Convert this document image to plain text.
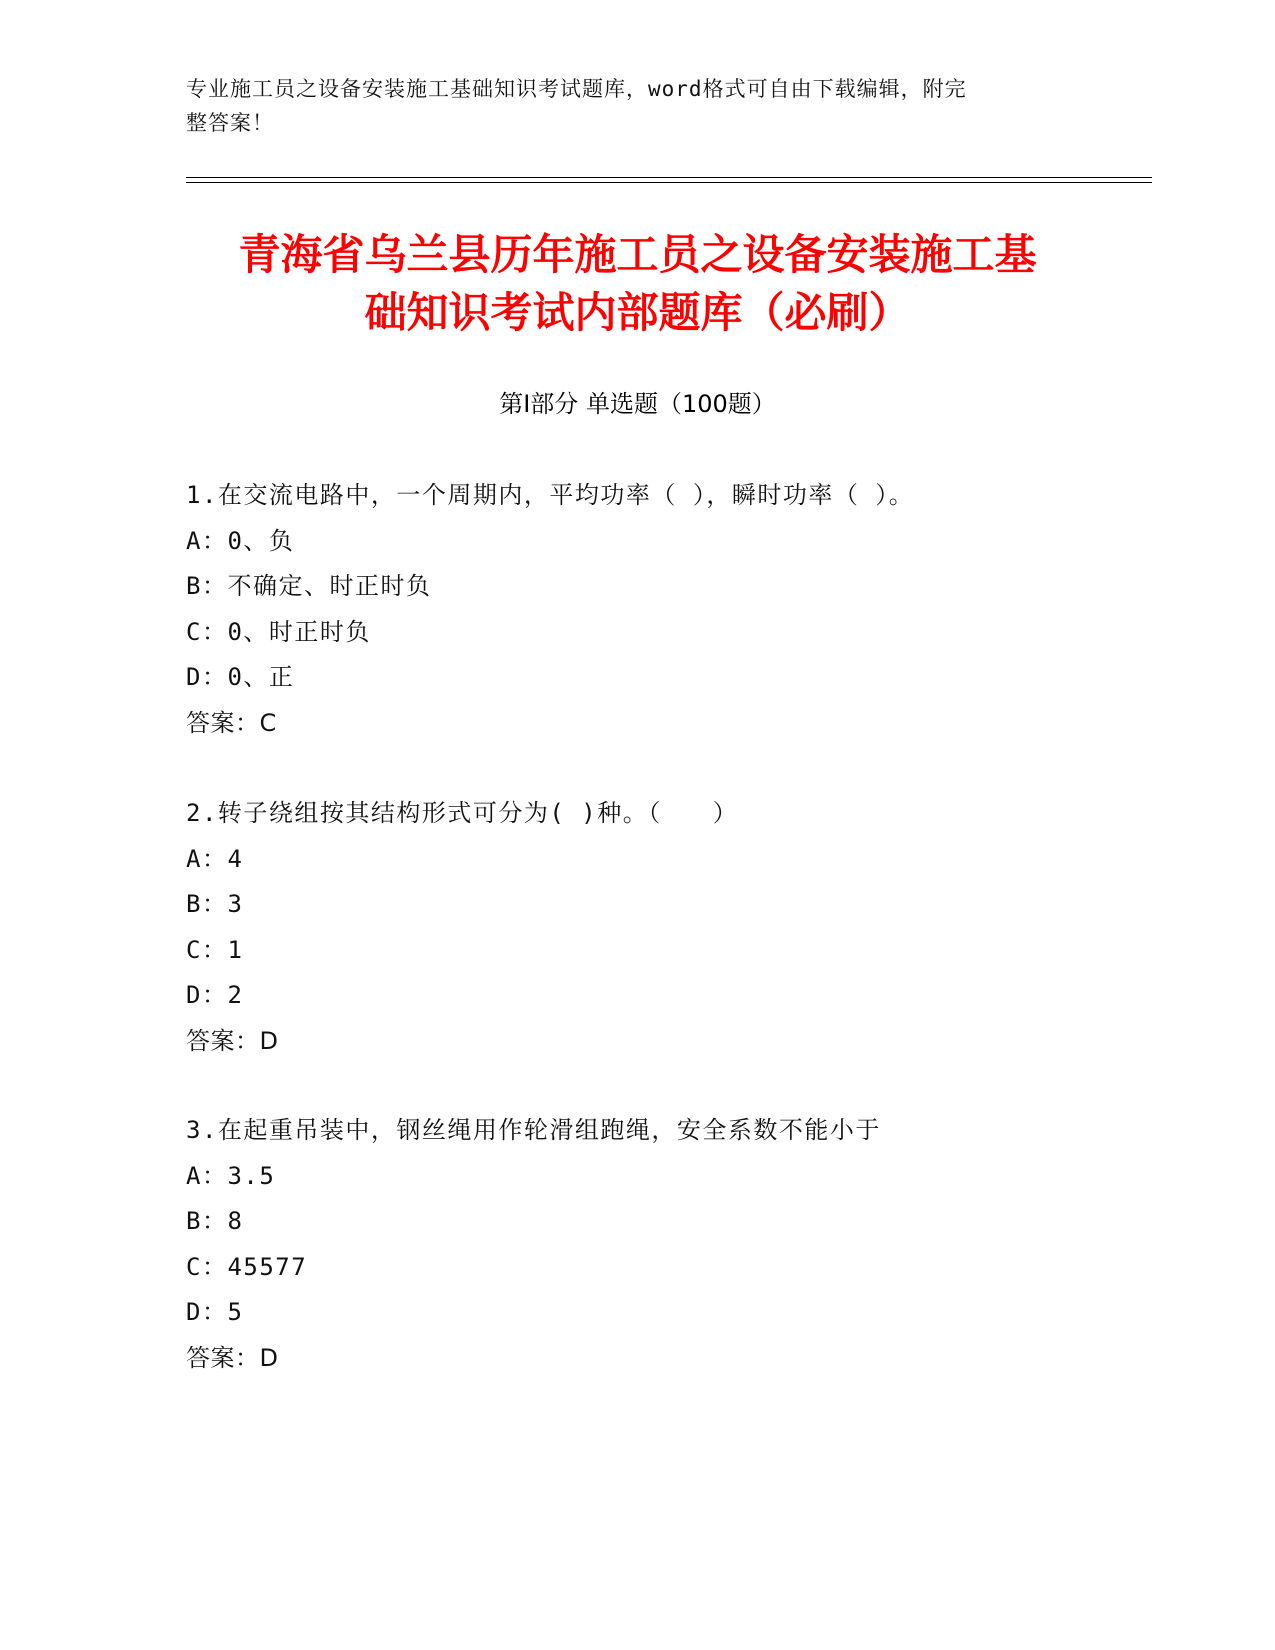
专业施工员之设备安装施工基础知识考试题库，word格式可自由下载编辑，附完
整答案！
青海省乌兰县历年施工员之设备安装施工基
础知识考试内部题库（必刷）
第Ⅰ部分 单选题（100题）
1.在交流电路中，一个周期内，平均功率（ ），瞬时功率（ ）。
A：0、负
B：不确定、时正时负
C：0、时正时负
D：0、正
答案：C
2.转子绕组按其结构形式可分为( )种。（　　）
A：4
B：3
C：1
D：2
答案：D
3.在起重吊装中，钢丝绳用作轮滑组跑绳，安全系数不能小于
A：3.5
B：8
C：45577
D：5
答案：D
